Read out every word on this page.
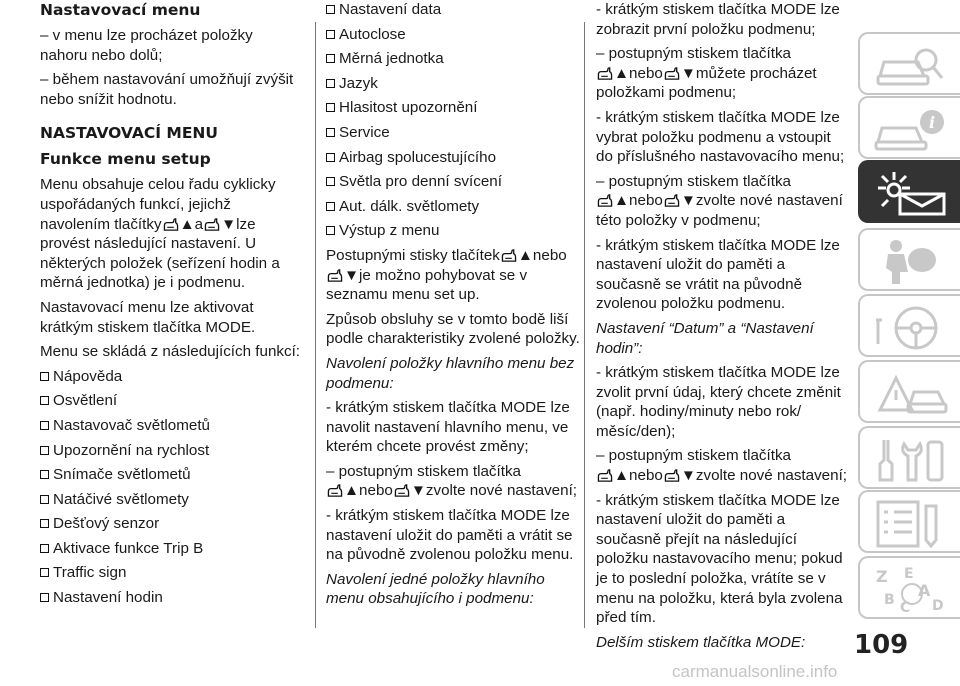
Nastavovací menu

– v menu lze procházet položky nahoru nebo dolů;

– během nastavování umožňují zvýšit nebo snížit hodnotu.

NASTAVOVACÍ MENU
Funkce menu setup

Menu obsahuje celou řadu cyklicky uspořádaných funkcí, jejichž navolením tlačítky ▲a ▼lze provést následující nastavení. U některých položek (seřízení hodin a měrná jednotka) je i podmenu.

Nastavovací menu lze aktivovat krátkým stiskem tlačítka MODE.

Menu se skládá z následujících funkcí:

Nápověda
Osvětlení
Nastavovač světlometů
Upozornění na rychlost
Snímače světlometů
Natáčivé světlomety
Dešťový senzor
Aktivace funkce Trip B
Traffic sign
Nastavení hodin
Nastavení data
Autoclose
Měrná jednotka
Jazyk
Hlasitost upozornění
Service
Airbag spolucestujícího
Světla pro denní svícení
Aut. dálk. světlomety
Výstup z menu

Postupnými stisky tlačítek ▲nebo
▼je možno pohybovat se v seznamu menu set up.

Způsob obsluhy se v tomto bodě liší podle charakteristiky zvolené položky.

Navolení položky hlavního menu bez podmenu:

- krátkým stiskem tlačítka MODE lze navolit nastavení hlavního menu, ve kterém chcete provést změny;

– postupným stiskem tlačítka
▲nebo ▼zvolte nové nastavení;

- krátkým stiskem tlačítka MODE lze nastavení uložit do paměti a vrátit se na původně zvolenou položku menu.

Navolení jedné položky hlavního menu obsahujícího i podmenu:

- krátkým stiskem tlačítka MODE lze zobrazit první položku podmenu;

– postupným stiskem tlačítka
▲nebo ▼můžete procházet položkami podmenu;

- krátkým stiskem tlačítka MODE lze vybrat položku podmenu a vstoupit do příslušného nastavovacího menu;

– postupným stiskem tlačítka
▲nebo ▼zvolte nové nastavení této položky v podmenu;

- krátkým stiskem tlačítka MODE lze nastavení uložit do paměti a současně se vrátit na původně zvolenou položku podmenu.

Nastavení “Datum” a “Nastavení hodin”:

- krátkým stiskem tlačítka MODE lze zvolit první údaj, který chcete změnit (např. hodiny/minuty nebo rok/ měsíc/den);

– postupným stiskem tlačítka
▲nebo ▼zvolte nové nastavení;

- krátkým stiskem tlačítka MODE lze nastavení uložit do paměti a současně přejít na následující položku nastavovacího menu; pokud je to poslední položka, vrátíte se v menu na položku, která byla zvolena před tím.

Delším stiskem tlačítka MODE:

i
Z E
A
B C D
109
carmanualsonline.info
